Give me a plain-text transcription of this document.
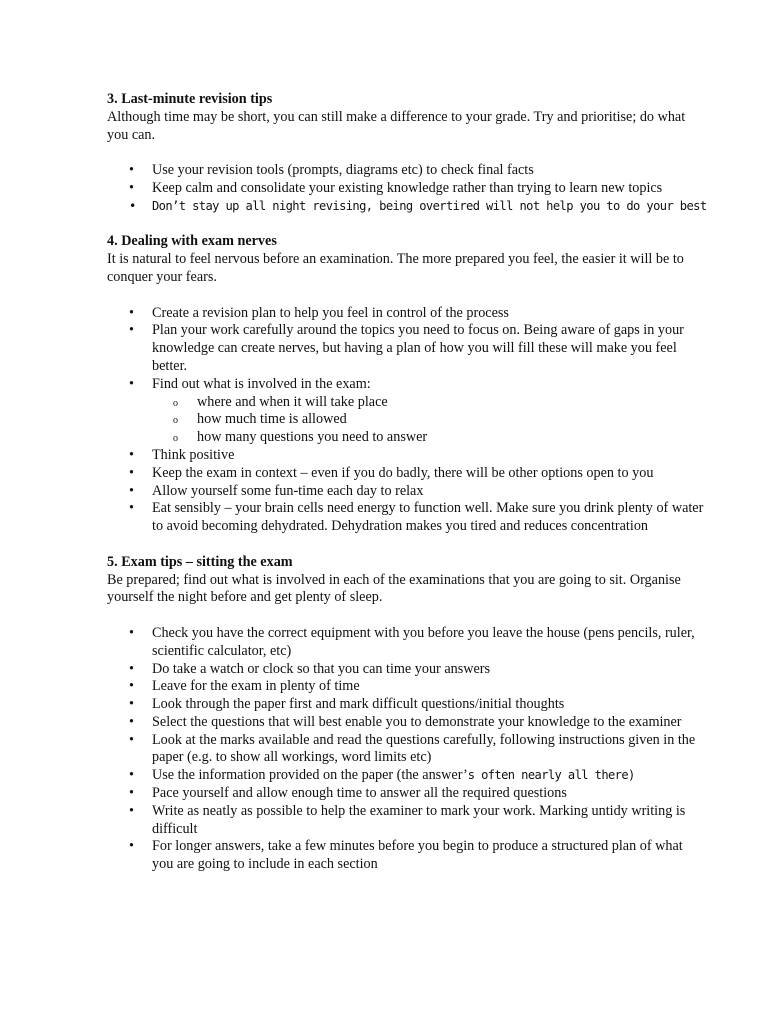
3. Last-minute revision tips
Although time may be short, you can still make a difference to your grade. Try and prioritise; do what you can.
• Use your revision tools (prompts, diagrams etc) to check final facts
• Keep calm and consolidate your existing knowledge rather than trying to learn new topics
• Don’t stay up all night revising, being overtired will not help you to do your best
4. Dealing with exam nerves
It is natural to feel nervous before an examination. The more prepared you feel, the easier it will be to conquer your fears.
• Create a revision plan to help you feel in control of the process
• Plan your work carefully around the topics you need to focus on. Being aware of gaps in your knowledge can create nerves, but having a plan of how you will fill these will make you feel better.
• Find out what is involved in the exam:
o where and when it will take place
o how much time is allowed
o how many questions you need to answer
• Think positive
• Keep the exam in context – even if you do badly, there will be other options open to you
• Allow yourself some fun-time each day to relax
• Eat sensibly – your brain cells need energy to function well. Make sure you drink plenty of water to avoid becoming dehydrated. Dehydration makes you tired and reduces concentration
5. Exam tips – sitting the exam
Be prepared; find out what is involved in each of the examinations that you are going to sit. Organise yourself the night before and get plenty of sleep.
• Check you have the correct equipment with you before you leave the house (pens pencils, ruler, scientific calculator, etc)
• Do take a watch or clock so that you can time your answers
• Leave for the exam in plenty of time
• Look through the paper first and mark difficult questions/initial thoughts
• Select the questions that will best enable you to demonstrate your knowledge to the examiner
• Look at the marks available and read the questions carefully, following instructions given in the paper (e.g. to show all workings, word limits etc)
• Use the information provided on the paper (the answer’s often nearly all there)
• Pace yourself and allow enough time to answer all the required questions
• Write as neatly as possible to help the examiner to mark your work. Marking untidy writing is difficult
• For longer answers, take a few minutes before you begin to produce a structured plan of what you are going to include in each section
